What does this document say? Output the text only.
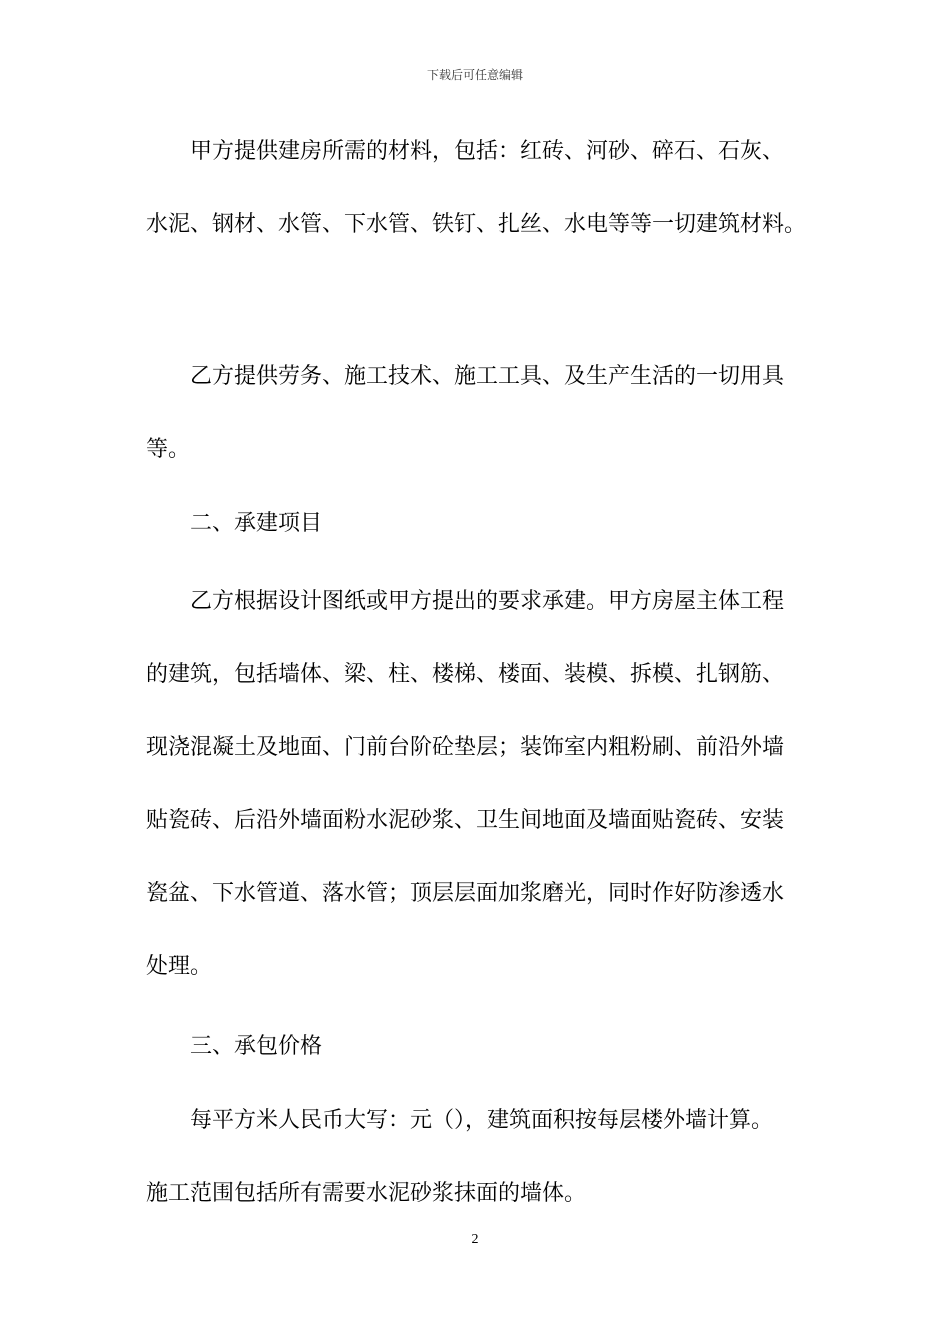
下载后可任意编辑
甲方提供建房所需的材料，包括：红砖、河砂、碎石、石灰、
水泥、钢材、水管、下水管、铁钉、扎丝、水电等等一切建筑材料。
乙方提供劳务、施工技术、施工工具、及生产生活的一切用具
等。
二、承建项目
乙方根据设计图纸或甲方提出的要求承建。甲方房屋主体工程
的建筑，包括墙体、梁、柱、楼梯、楼面、装模、拆模、扎钢筋、
现浇混凝土及地面、门前台阶砼垫层；装饰室内粗粉刷、前沿外墙
贴瓷砖、后沿外墙面粉水泥砂浆、卫生间地面及墙面贴瓷砖、安装
瓷盆、下水管道、落水管；顶层层面加浆磨光，同时作好防渗透水
处理。
三、承包价格
每平方米人民币大写：元（），建筑面积按每层楼外墙计算。
施工范围包括所有需要水泥砂浆抹面的墙体。
2
